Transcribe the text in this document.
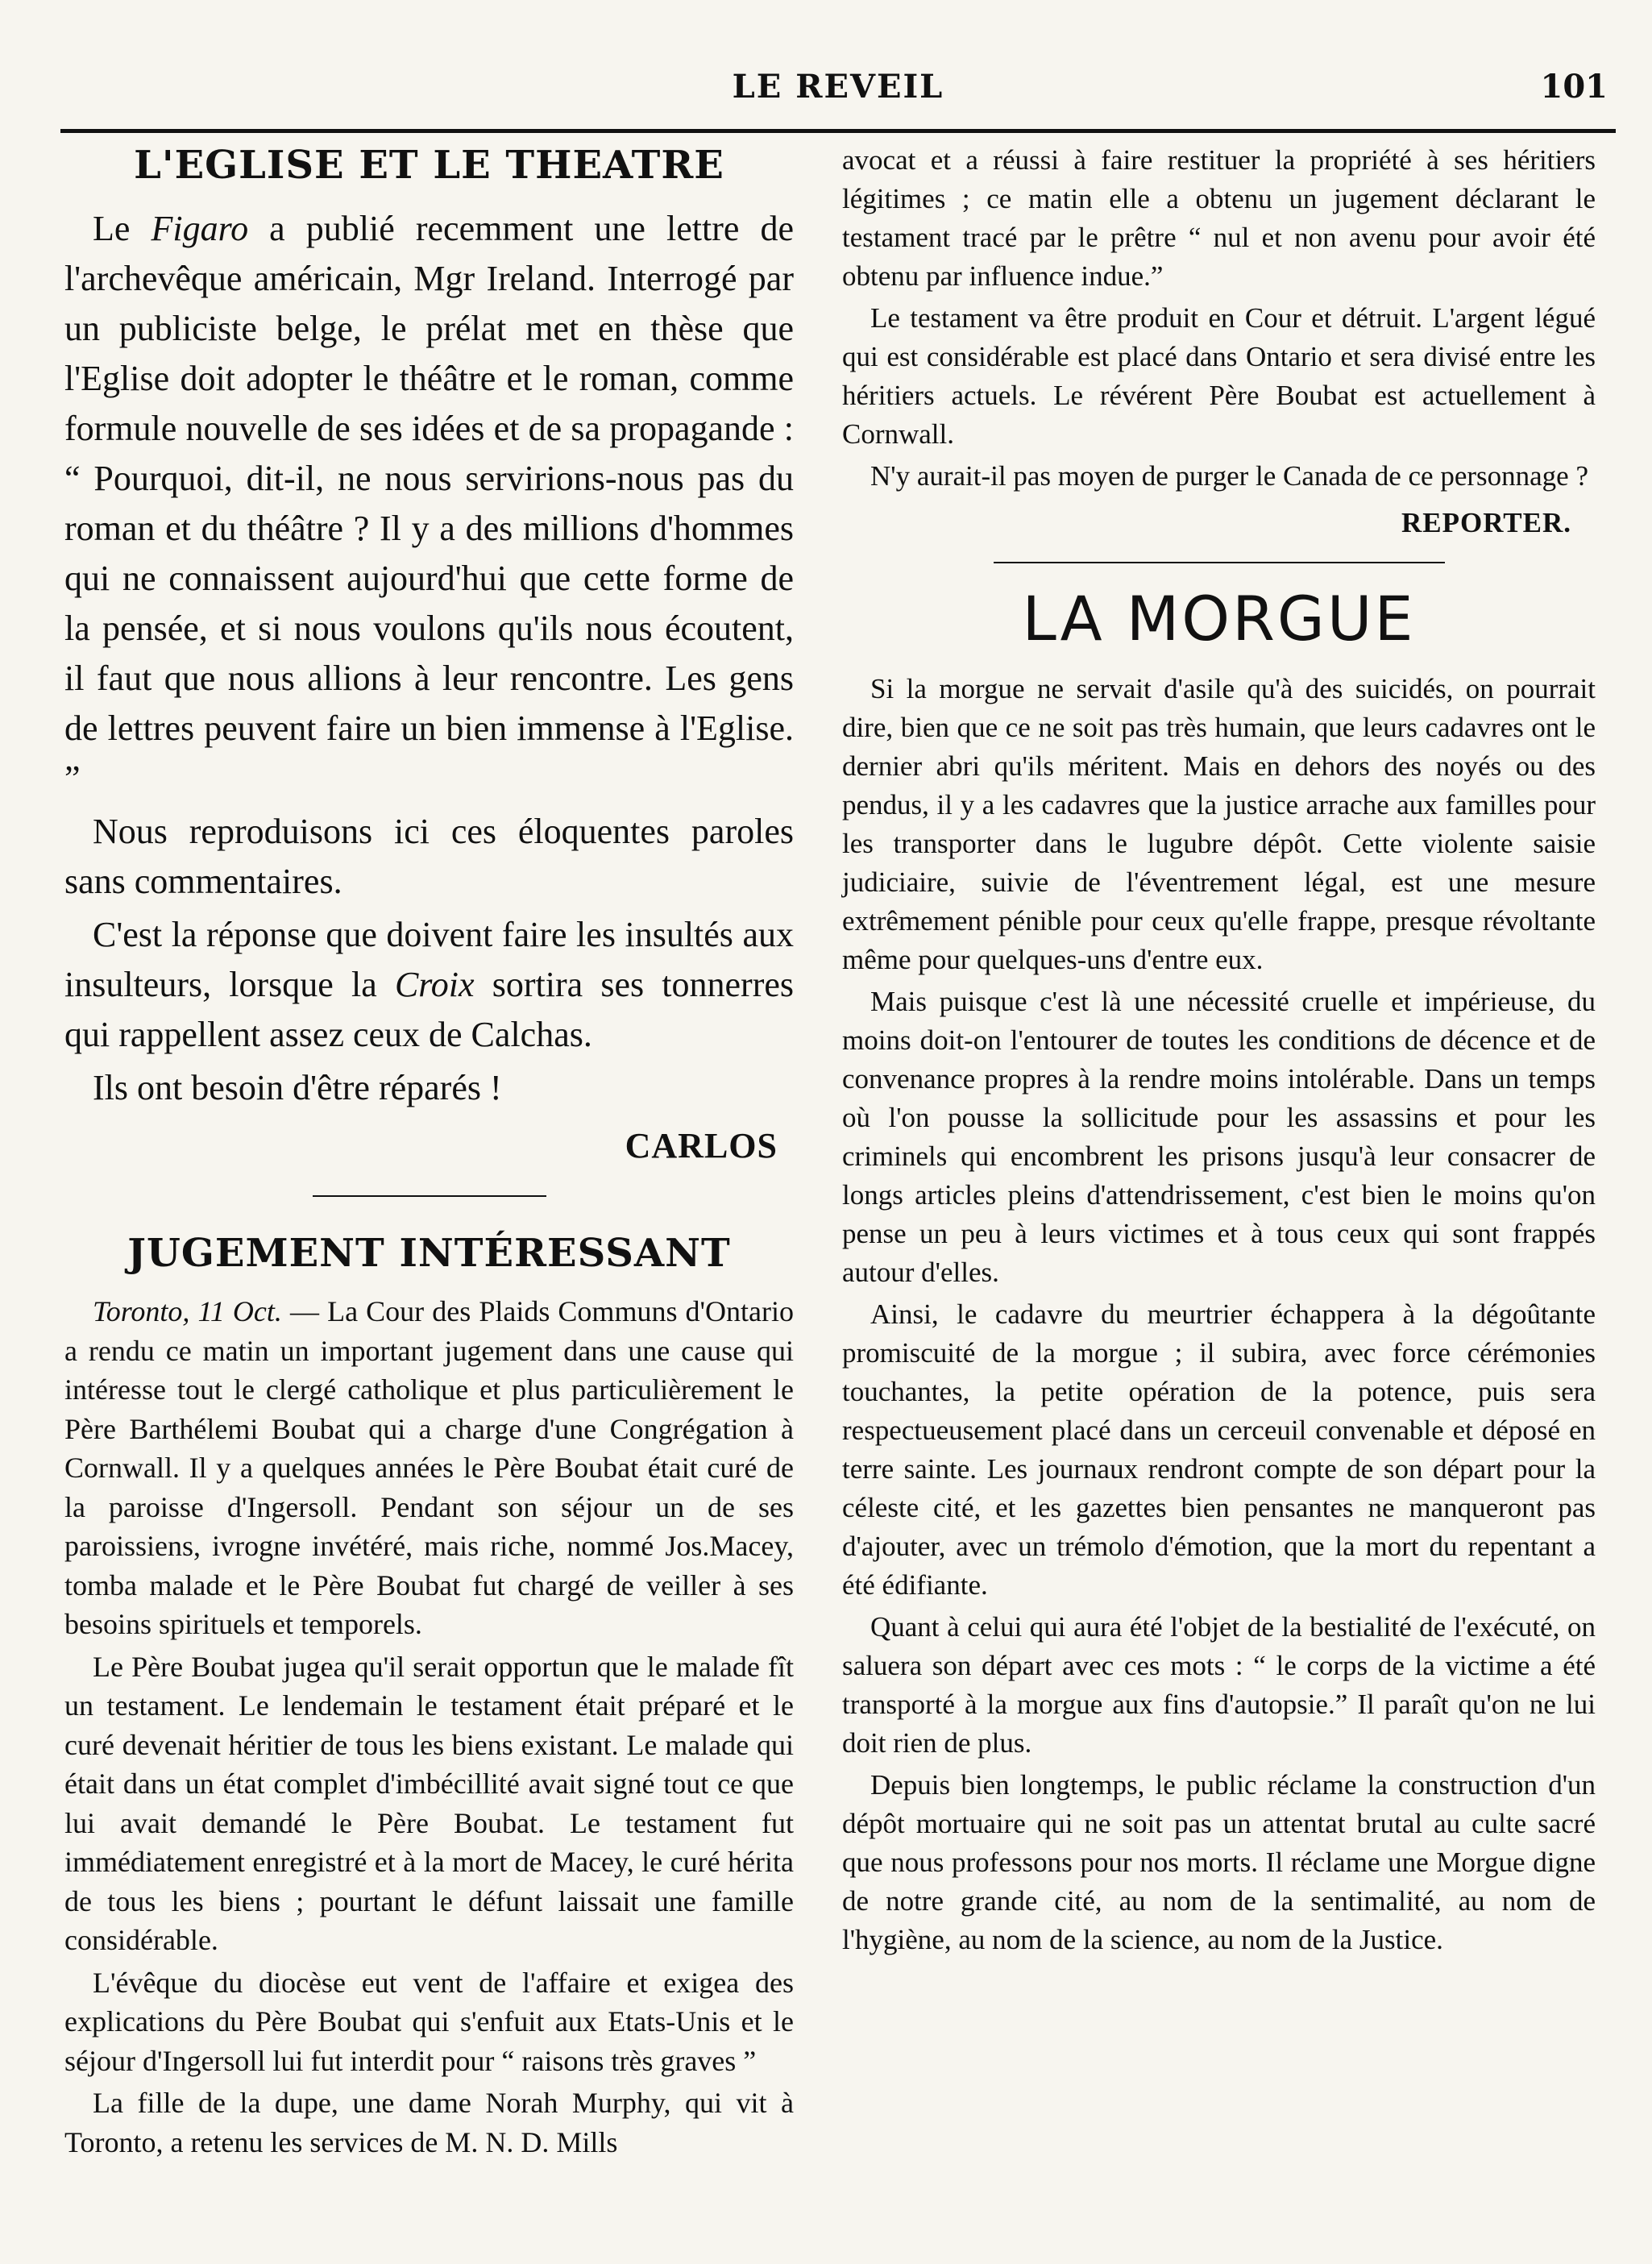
LE REVEIL	101
L'EGLISE ET LE THEATRE

Le Figaro a publié recemment une lettre de l'archevêque américain, Mgr Ireland. Interrogé par un publiciste belge, le prélat met en thèse que l'Eglise doit adopter le théâtre et le roman, comme formule nouvelle de ses idées et de sa propagande : “ Pourquoi, dit-il, ne nous servirions-nous pas du roman et du théâtre ? Il y a des millions d'hommes qui ne connaissent aujourd'hui que cette forme de la pensée, et si nous voulons qu'ils nous écoutent, il faut que nous allions à leur rencontre. Les gens de lettres peuvent faire un bien immense à l'Eglise. ”

Nous reproduisons ici ces éloquentes paroles sans commentaires.

C'est la réponse que doivent faire les insultés aux insulteurs, lorsque la Croix sortira ses tonnerres qui rappellent assez ceux de Calchas.

Ils ont besoin d'être réparés !

CARLOS

JUGEMENT INTÉRESSANT

Toronto, 11 Oct. — La Cour des Plaids Communs d'Ontario a rendu ce matin un important jugement dans une cause qui intéresse tout le clergé catholique et plus particulièrement le Père Barthélemi Boubat qui a charge d'une Congrégation à Cornwall. Il y a quelques années le Père Boubat était curé de la paroisse d'Ingersoll. Pendant son séjour un de ses paroissiens, ivrogne invétéré, mais riche, nommé Jos.Macey, tomba malade et le Père Boubat fut chargé de veiller à ses besoins spirituels et temporels.

Le Père Boubat jugea qu'il serait opportun que le malade fît un testament. Le lendemain le testament était préparé et le curé devenait héritier de tous les biens existant. Le malade qui était dans un état complet d'imbécillité avait signé tout ce que lui avait demandé le Père Boubat. Le testament fut immédiatement enregistré et à la mort de Macey, le curé hérita de tous les biens ; pourtant le défunt laissait une famille considérable.

L'évêque du diocèse eut vent de l'affaire et exigea des explications du Père Boubat qui s'enfuit aux Etats-Unis et le séjour d'Ingersoll lui fut interdit pour “ raisons très graves ”

La fille de la dupe, une dame Norah Murphy, qui vit à Toronto, a retenu les services de M. N. D. Mills

avocat et a réussi à faire restituer la propriété à ses héritiers légitimes ; ce matin elle a obtenu un jugement déclarant le testament tracé par le prêtre “ nul et non avenu pour avoir été obtenu par influence indue.”

Le testament va être produit en Cour et détruit. L'argent légué qui est considérable est placé dans Ontario et sera divisé entre les héritiers actuels. Le révérent Père Boubat est actuellement à Cornwall.

N'y aurait-il pas moyen de purger le Canada de ce personnage ?

REPORTER.

LA MORGUE

Si la morgue ne servait d'asile qu'à des suicidés, on pourrait dire, bien que ce ne soit pas très humain, que leurs cadavres ont le dernier abri qu'ils méritent. Mais en dehors des noyés ou des pendus, il y a les cadavres que la justice arrache aux familles pour les transporter dans le lugubre dépôt. Cette violente saisie judiciaire, suivie de l'éventrement légal, est une mesure extrêmement pénible pour ceux qu'elle frappe, presque révoltante même pour quelques-uns d'entre eux.

Mais puisque c'est là une nécessité cruelle et impérieuse, du moins doit-on l'entourer de toutes les conditions de décence et de convenance propres à la rendre moins intolérable. Dans un temps où l'on pousse la sollicitude pour les assassins et pour les criminels qui encombrent les prisons jusqu'à leur consacrer de longs articles pleins d'attendrissement, c'est bien le moins qu'on pense un peu à leurs victimes et à tous ceux qui sont frappés autour d'elles.

Ainsi, le cadavre du meurtrier échappera à la dégoûtante promiscuité de la morgue ; il subira, avec force cérémonies touchantes, la petite opération de la potence, puis sera respectueusement placé dans un cerceuil convenable et déposé en terre sainte. Les journaux rendront compte de son départ pour la céleste cité, et les gazettes bien pensantes ne manqueront pas d'ajouter, avec un trémolo d'émotion, que la mort du repentant a été édifiante.

Quant à celui qui aura été l'objet de la bestialité de l'exécuté, on saluera son départ avec ces mots : “ le corps de la victime a été transporté à la morgue aux fins d'autopsie.” Il paraît qu'on ne lui doit rien de plus.

Depuis bien longtemps, le public réclame la construction d'un dépôt mortuaire qui ne soit pas un attentat brutal au culte sacré que nous professons pour nos morts. Il réclame une Morgue digne de notre grande cité, au nom de la sentimalité, au nom de l'hygiène, au nom de la science, au nom de la Justice.
